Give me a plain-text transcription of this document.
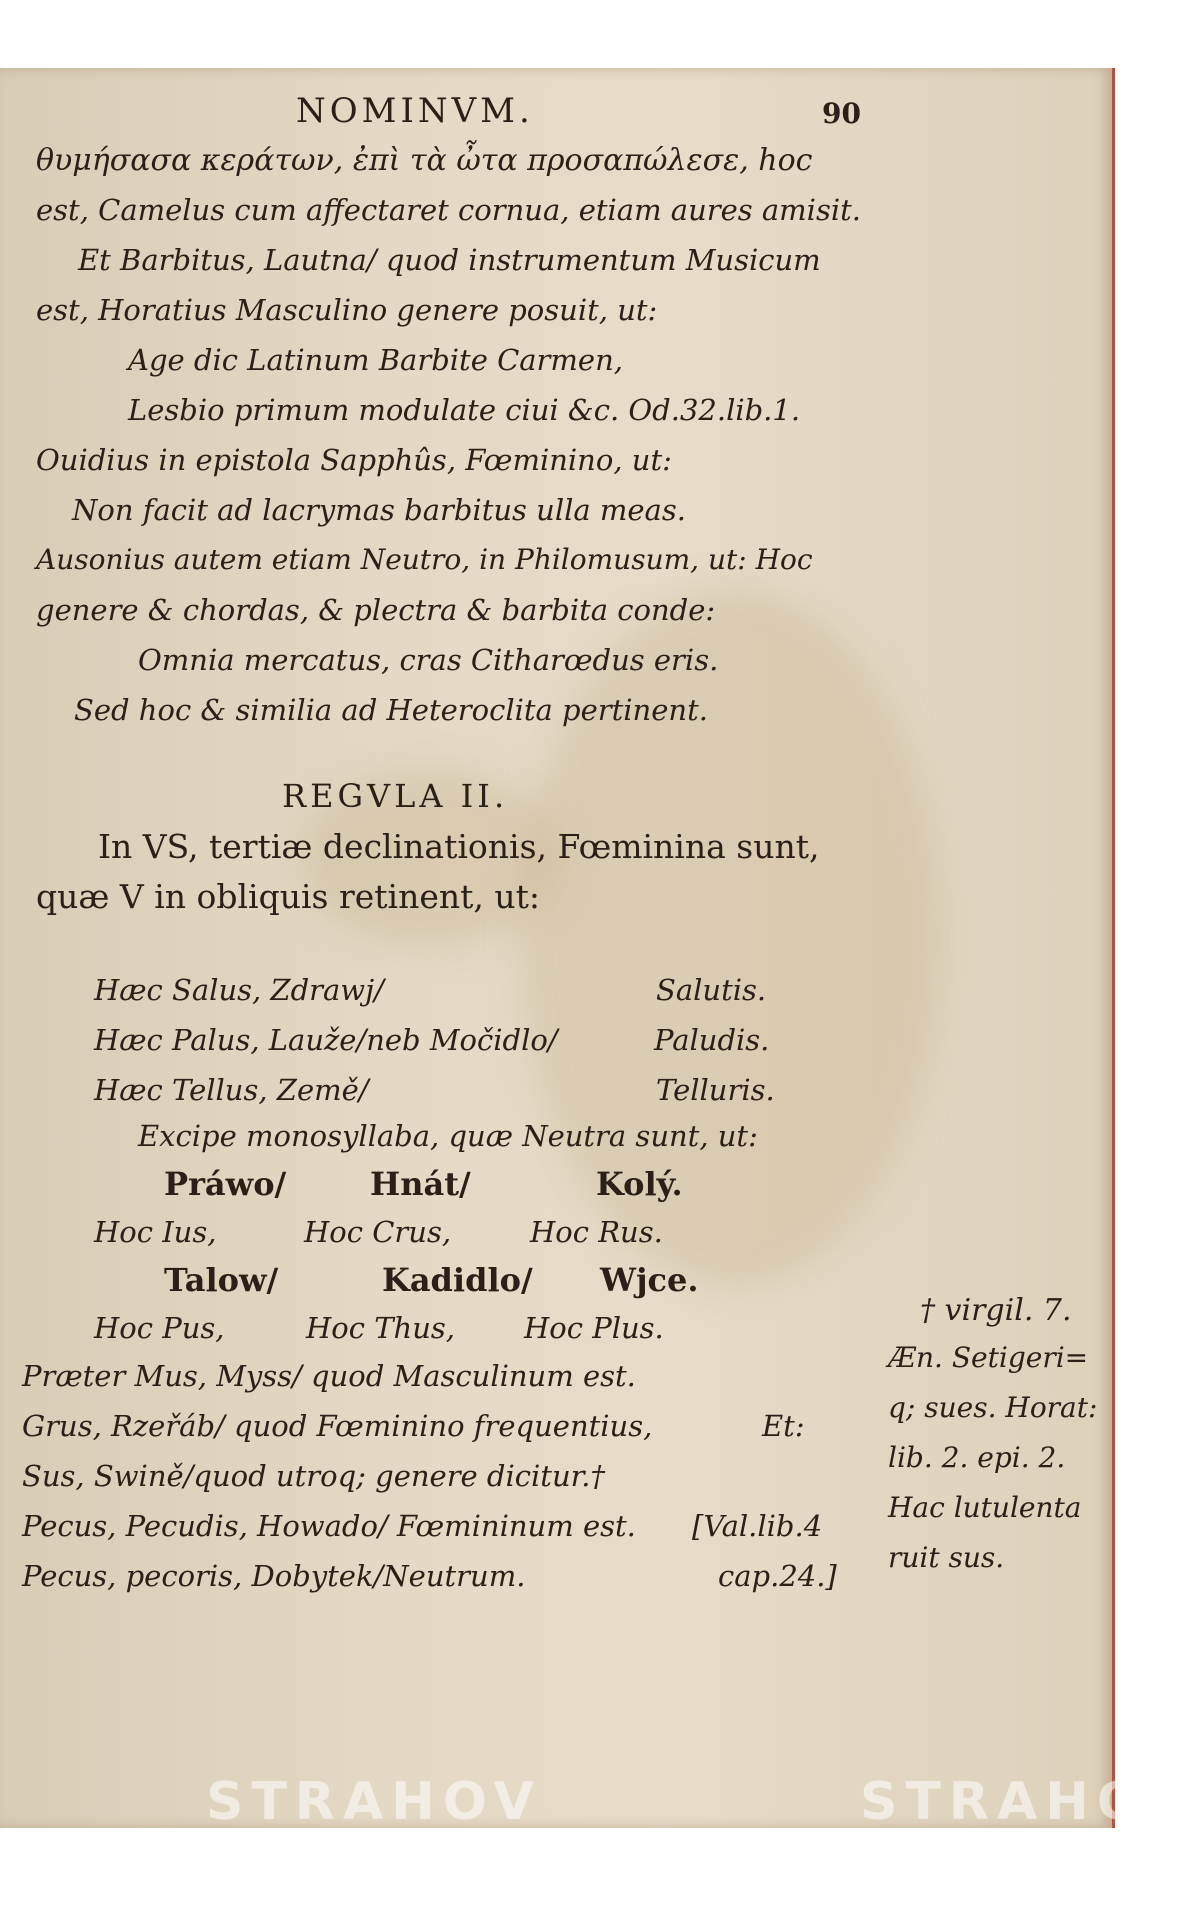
NOMINVM.	90
θυμήσασα κεράτων, ἐπὶ τὰ ὦτα προσαπώλεσε, hoc
est, Camelus cum affectaret cornua, etiam aures amisit.
Et Barbitus, Lautna/ quod instrumentum Musicum
est, Horatius Masculino genere posuit, ut:
Age dic Latinum Barbite Carmen,
Lesbio primum modulate ciui &c. Od.32.lib.1.
Ouidius in epistola Sapphûs, Fœminino, ut:
Non facit ad lacrymas barbitus ulla meas.
Ausonius autem etiam Neutro, in Philomusum, ut: Hoc
genere & chordas, & plectra & barbita conde:
Omnia mercatus, cras Citharœdus eris.
Sed hoc & similia ad Heteroclita pertinent.
REGVLA II.
In VS, tertiæ declinationis, Fœminina sunt,
quæ V in obliquis retinent, ut:
Hæc Salus, Zdrawj/	Salutis.
Hæc Palus, Lauže/neb Močidlo/	Paludis.
Hæc Tellus, Země/	Telluris.
Excipe monosyllaba, quæ Neutra sunt, ut:
Práwo/	Hnát/	Kolý.
Hoc Ius,	Hoc Crus,	Hoc Rus.
Talow/	Kadidlo/ Wjce.
Hoc Pus,	Hoc Thus, Hoc Plus.
Præter Mus, Myss/ quod Masculinum est.
Grus, Rzeřáb/ quod Fœminino frequentius,	Et:
Sus, Swině/quod utroq; genere dicitur.†
Pecus, Pecudis, Howado/ Fœmininum est. [Val.lib.4
Pecus, pecoris, Dobytek/Neutrum.	cap.24.]
† virgil. 7.
Æn. Setigeri=
q; sues. Horat:
lib. 2. epi. 2.
Hac lutulenta
ruit sus.
STRAHOV	STRAHOV
